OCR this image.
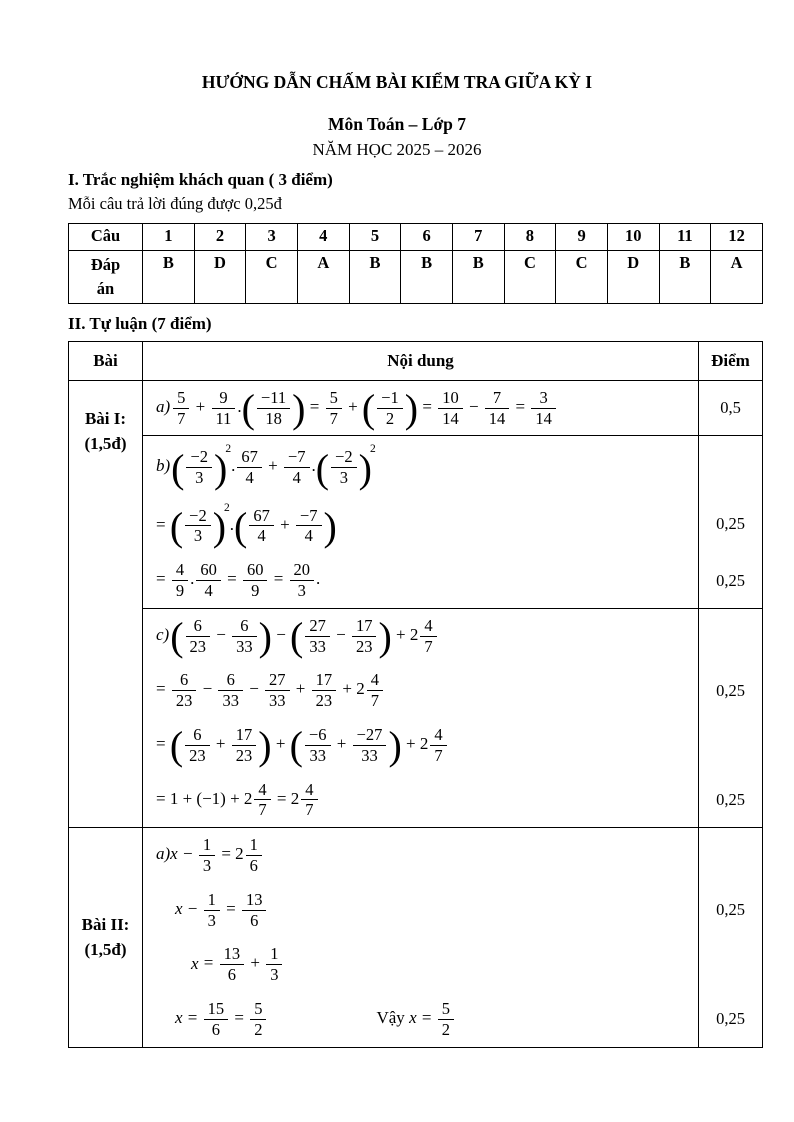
HƯỚNG DẪN CHẤM BÀI KIỂM TRA GIỮA KỲ I
Môn Toán – Lớp 7
NĂM HỌC 2025 – 2026
I. Trắc nghiệm khách quan ( 3 điểm)
Mỗi câu trả lời đúng được 0,25đ
Câu	1	2	3	4	5	6	7	8	9	10	11	12
Đáp án	B	D	C	A	B	B	B	C	C	D	B	A
II. Tự luận (7 điểm)
Bài	Nội dung	Điểm
Bài I:
(1,5đ)
$a) \frac{5}{7} + \frac{9}{11}$ .( $\frac{-11}{18}$ ) = $\frac{5}{7}$ + ( $\frac{-1}{2}$ ) = $\frac{10}{14} - \frac{7}{14} = \frac{3}{14}$	0,5
$b)( \frac{-2}{3} )^2$. $\frac{67}{4} + \frac{-7}{4}$ .( $\frac{-2}{3} )^2$
= ( $\frac{-2}{3} )^2.( \frac{67}{4} + \frac{-7}{4}$ )	0,25
= $\frac{4}{9}$ . $\frac{60}{4} = \frac{60}{9} = \frac{20}{3}$ .	0,25
$c)( \frac{6}{23} - \frac{6}{33}$ ) − ( $\frac{27}{33} - \frac{17}{23}$ ) + $2 \frac{4}{7}$
= $\frac{6}{23} - \frac{6}{33} - \frac{27}{33} + \frac{17}{23} + 2 \frac{4}{7}$	0,25
= ( $\frac{6}{23} + \frac{17}{23}$ ) + ( $\frac{-6}{33} + \frac{-27}{33}$ ) + $2 \frac{4}{7}$
= $1 + (-1) + 2 \frac{4}{7} = 2 \frac{4}{7}$	0,25
Bài II:
(1,5đ)
$a)x - \frac{1}{3} = 2 \frac{1}{6}$
$x - \frac{1}{3} = \frac{13}{6}$	0,25
$x = \frac{13}{6} + \frac{1}{3}$
$x = \frac{15}{6} = \frac{5}{2}$	Vậy $x = \frac{5}{2}$	0,25
